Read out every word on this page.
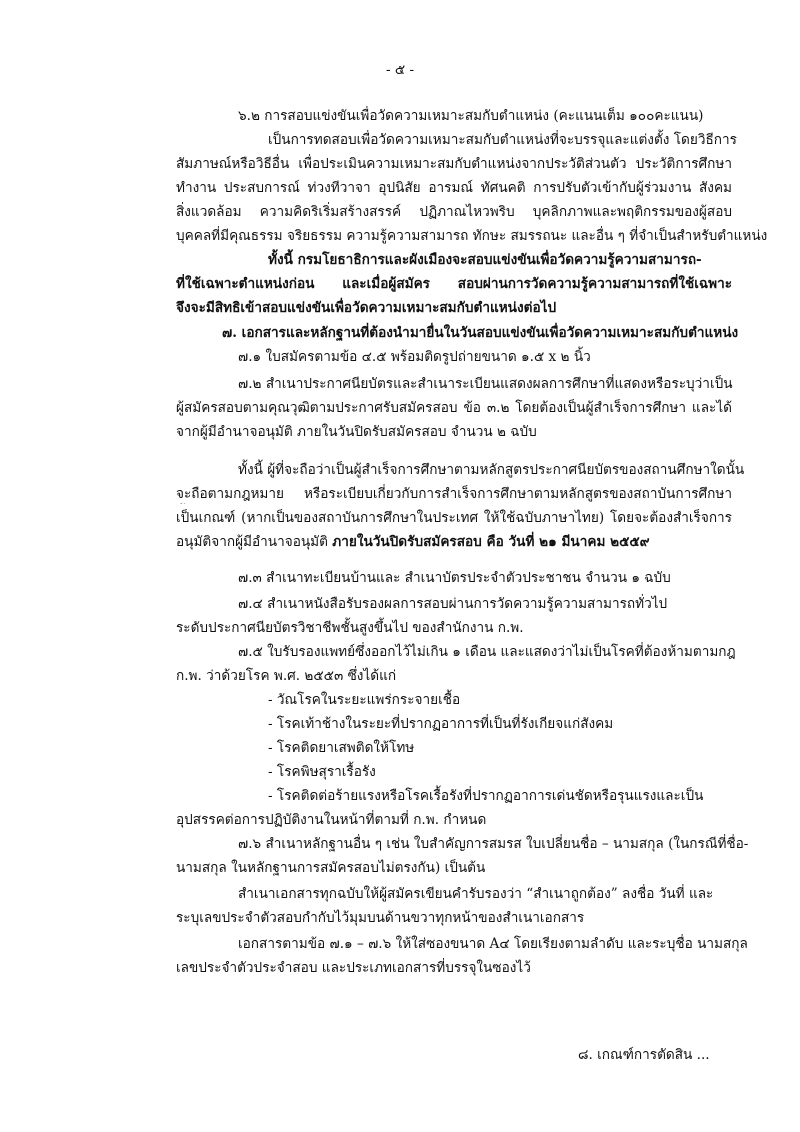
- ๕ -
๖.๒ การสอบแข่งขันเพื่อวัดความเหมาะสมกับตำแหน่ง (คะแนนเต็ม ๑๐๐คะแนน)
เป็นการทดสอบเพื่อวัดความเหมาะสมกับตำแหน่งที่จะบรรจุและแต่งตั้ง โดยวิธีการ
สัมภาษณ์หรือวิธีอื่น เพื่อประเมินความเหมาะสมกับตำแหน่งจากประวัติส่วนตัว ประวัติการศึกษา
ทำงาน ประสบการณ์ ท่วงทีวาจา อุปนิสัย อารมณ์ ทัศนคติ การปรับตัวเข้ากับผู้ร่วมงาน สังคม
สิ่งแวดล้อม ความคิดริเริ่มสร้างสรรค์ ปฏิภาณไหวพริบ บุคลิกภาพและพฤติกรรมของผู้สอบ
บุคคลที่มีคุณธรรม จริยธรรม ความรู้ความสามารถ ทักษะ สมรรถนะ และอื่น ๆ ที่จำเป็นสำหรับตำแหน่ง
ทั้งนี้ กรมโยธาธิการและผังเมืองจะสอบแข่งขันเพื่อวัดความรู้ความสามารถ-
ที่ใช้เฉพาะตำแหน่งก่อน และเมื่อผู้สมัคร สอบผ่านการวัดความรู้ความสามารถที่ใช้เฉพาะ
จึงจะมีสิทธิเข้าสอบแข่งขันเพื่อวัดความเหมาะสมกับตำแหน่งต่อไป
๗. เอกสารและหลักฐานที่ต้องนำมายื่นในวันสอบแข่งขันเพื่อวัดความเหมาะสมกับตำแหน่ง
๗.๑ ใบสมัครตามข้อ ๔.๕ พร้อมติดรูปถ่ายขนาด ๑.๕ x ๒ นิ้ว
๗.๒ สำเนาประกาศนียบัตรและสำเนาระเบียนแสดงผลการศึกษาที่แสดงหรือระบุว่าเป็น
ผู้สมัครสอบตามคุณวุฒิตามประกาศรับสมัครสอบ ข้อ ๓.๒ โดยต้องเป็นผู้สำเร็จการศึกษา และได้
จากผู้มีอำนาจอนุมัติ ภายในวันปิดรับสมัครสอบ จำนวน ๒ ฉบับ
ทั้งนี้ ผู้ที่จะถือว่าเป็นผู้สำเร็จการศึกษาตามหลักสูตรประกาศนียบัตรของสถานศึกษาใดนั้น
จะถือตามกฎหมาย หรือระเบียบเกี่ยวกับการสำเร็จการศึกษาตามหลักสูตรของสถาบันการศึกษา
เป็นเกณฑ์ (หากเป็นของสถาบันการศึกษาในประเทศ ให้ใช้ฉบับภาษาไทย) โดยจะต้องสำเร็จการ
อนุมัติจากผู้มีอำนาจอนุมัติ ภายในวันปิดรับสมัครสอบ คือ วันที่ ๒๑ มีนาคม ๒๕๕๙
๗.๓ สำเนาทะเบียนบ้านและ สำเนาบัตรประจำตัวประชาชน จำนวน ๑ ฉบับ
๗.๔ สำเนาหนังสือรับรองผลการสอบผ่านการวัดความรู้ความสามารถทั่วไป
ระดับประกาศนียบัตรวิชาชีพชั้นสูงขึ้นไป ของสำนักงาน ก.พ.
๗.๕ ใบรับรองแพทย์ซึ่งออกไว้ไม่เกิน ๑ เดือน และแสดงว่าไม่เป็นโรคที่ต้องห้ามตามกฎ
ก.พ. ว่าด้วยโรค พ.ศ. ๒๕๕๓ ซึ่งได้แก่
- วัณโรคในระยะแพร่กระจายเชื้อ
- โรคเท้าช้างในระยะที่ปรากฏอาการที่เป็นที่รังเกียจแก่สังคม
- โรคติดยาเสพติดให้โทษ
- โรคพิษสุราเรื้อรัง
- โรคติดต่อร้ายแรงหรือโรคเรื้อรังที่ปรากฏอาการเด่นชัดหรือรุนแรงและเป็น
อุปสรรคต่อการปฏิบัติงานในหน้าที่ตามที่ ก.พ. กำหนด
๗.๖ สำเนาหลักฐานอื่น ๆ เช่น ใบสำคัญการสมรส ใบเปลี่ยนชื่อ – นามสกุล (ในกรณีที่ชื่อ-
นามสกุล ในหลักฐานการสมัครสอบไม่ตรงกัน) เป็นต้น
สำเนาเอกสารทุกฉบับให้ผู้สมัครเขียนคำรับรองว่า “สำเนาถูกต้อง” ลงชื่อ วันที่ และ
ระบุเลขประจำตัวสอบกำกับไว้มุมบนด้านขวาทุกหน้าของสำเนาเอกสาร
เอกสารตามข้อ ๗.๑ – ๗.๖ ให้ใส่ซองขนาด A๔ โดยเรียงตามลำดับ และระบุชื่อ นามสกุล
เลขประจำตัวประจำสอบ และประเภทเอกสารที่บรรจุในซองไว้
๘. เกณฑ์การตัดสิน ...
